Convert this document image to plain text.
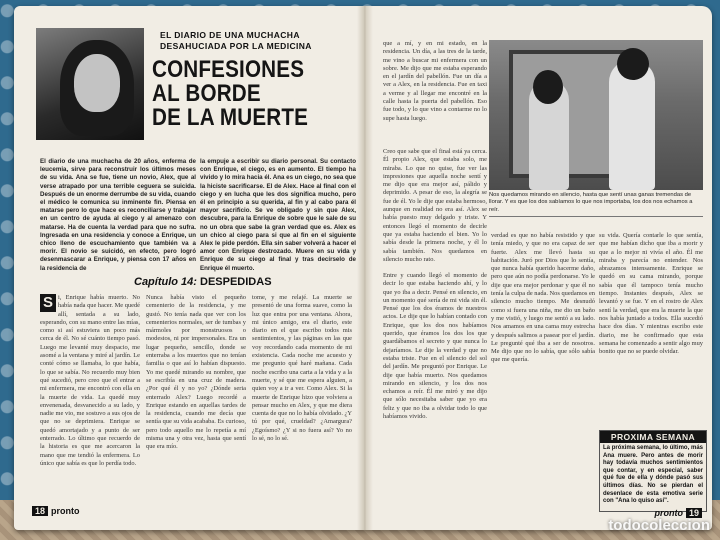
EL DIARIO DE UNA MUCHACHA DESAHUCIADA POR LA MEDICINA
CONFESIONES
AL BORDE
DE LA MUERTE
El diario de una muchacha de 20 años, enferma de leucemia, sirve para reconstruir los últimos meses de su vida. Ana se fue, tiene un novio, Alex, que al verse atrapado por una terrible ceguera se suicida. Después de un enorme derrumbe de su vida, cuando el médico le comunica su inminente fin. Piensa en matarse pero lo que hace es reconciliarse y trabajar en un centro de ayuda al ciego y al amenazo con matarse. Ha de cuenta la verdad para que no sufra. Ingresada en una residencia y conoce a Enrique, un chico lleno de escuchamiento que también va a morir. El novio se suicidó, en efecto, pero logró desenmascarar a Enrique, y piensa con 17 años en la residencia de
la empuje a escribir su diario personal. Su contacto con Enrique, el ciego, es en aumento. El tiempo ha vivido y lo mira hacia él. Ana es un ciego, no sea que la hiciste sacrificarse. El de Alex. Hace al final con el ciego y en lucha que les dos significa mucho, pero él en principio a su querida, al fin y al cabo para él mayor sacrificio. Se ve obligado y sin que Alex, descubre, para la Enrique de sobre que le sale de su no un obra que sabe la gran verdad que es. Alex es un chico al ciego para si que al fin en el siguiente Alex le pide perdón. Ella sin saber volverá a hacer el amor con Enrique destrozado. Muere en su vida y Enrique de su ciego al final y tras decírselo de Enrique él muerto.
Capítulo 14: DESPEDIDAS
S i, Enrique había muerto. No había nada que hacer. Me quedé allí, sentada a su lado, esperando, con su mano entre las mías, como si así estuviera un poco más cerca de él. No sé cuánto tiempo pasó. Luego me levanté muy despacio, me asomé a la ventana y miré al jardín. Le conté cómo se llamaba, lo que había, lo que se sabía. No recuerdo muy bien qué sucedió, pero creo que el entrar a mi enfermera, me encontró con ella en la muerte de vida. La quedé muy envenenada, desvanecido a su lado, y nadie me vio, me sostuvo a sus ojos de que no se deprimiera. Enrique se quedó amortajado y a punto de ser enterrado. Lo último que recuerdo de la historia es que me acercaron la mano que me tendió la enfermera. Lo único que sabía es que lo perdía todo.
Nunca había visto el pequeño cementerio de la residencia, y me gustó. No tenía nada que ver con los cementerios normales, ser de tumbas y mármoles por monstruosos o modestos, ni por impersonales. Era un lugar pequeño, sencillo, donde se enterraba a los muertos que no tenían familia o que así lo habían dispuesto. Yo me quedé mirando su nombre, que se escribía en una cruz de madera. ¿Por qué él y no yo? ¿Dónde seria enterrado Alex? Luego recordé a Enrique estando en aquellas tardes de la residencia, cuando me decía que sentía que su vida acababa. Es curioso, pero todo aquello me lo repetía a mí misma una y otra vez, hasta que sentí que era mío.
tome, y me relajé. La muerte se presentó de una forma suave, como la luz que entra por una ventana. Ahora, mi único amigo, era el diario, este diario en el que escribo todos mis sentimientos, y las páginas en las que voy recordando cada momento de mi existencia. Cada noche me acuesto y me pregunto qué haré mañana. Cada noche escribo una carta a la vida y a la muerte, y sé que me espera alguien, a quien voy a ir a ver. Como Alex. Si la muerte de Enrique hizo que volviera a pensar mucho en Alex, y que me diera cuenta de que no lo había olvidado. ¿Y tú por qué, crueldad? ¿Amargura? ¿Egoísmo? ¿Y si no fuera así? Yo no lo sé, no lo sé.
18 pronto
que a mí, y en mi estado, en la residencia. Un día, a las tres de la tarde, me vino a buscar mi enfermera con un sobre. Me dijo que me estaba esperando en el jardín del pabellón. Fue un día a ver a Alex, en la residencia. Fue en taxi a verme y al llegar me encontré en la calle hasta la puerta del pabellón. Eso fue todo, y lo que vino a contarme no lo supe hasta luego.
Nos quedamos mirando en silencio, hasta que sentí unas ganas tremendas de llorar. Y es que los dos sabíamos lo que nos importaba, los dos nos echamos a reír.
Creo que sabe que el final está ya cerca. Él propio Alex, que estaba solo, me miraba. Lo que no quise, fue ver las impresiones que aquella noche sentí y me dijo que era mejor así, pálido y deprimido. A pesar de eso, la alegría se fue de él. Yo le dije que estaba hermoso, aunque en realidad no era así. Alex se había puesto muy delgado y triste. Y entonces llegó el momento de decirle que ya estaba haciendo el bien. Yo lo sabía desde la primera noche, y él lo sabía también. Nos quedamos en silencio mucho rato.
Entre y cuando llegó el momento de decir lo que estaba haciendo ahí, y lo que yo iba a decir. Pensé en silencio, en un momento qué sería de mi vida sin él. Pensé que los dos éramos de nuestros actos. Le dije que lo habían contado con Enrique, que los dos nos habíamos querido, que éramos los dos los que guardábamos el secreto y que nunca lo dejaríamos. Le dije la verdad y que no estaba triste. Fue en el silencio del sol del jardín. Me preguntó por Enrique. Le dije que había muerto. Nos quedamos mirando en silencio, y los dos nos echamos a reír. Él me miró y me dijo que sólo necesitaba saber que yo era feliz y que no iba a olvidar todo lo que habíamos vivido.
verdad es que no había resistido y que tenía miedo, y que no era capaz de ser fuerte. Alex me llevó hasta su habitación. Juró por Dios que lo sentía, que nunca había querido hacerme daño, pero que aún no podía perdonarse. Yo le dije que era mejor perdonar y que él no tenía la culpa de nada. Nos quedamos en silencio mucho tiempo. Me desnudó como si fuera una niña, me dio un baño y me vistió, y luego me sentó a su lado. Nos amamos en una cama muy estrecha y después salimos a pasear por el jardín. Le pregunté qué iba a ser de nosotros. Me dijo que no lo sabía, que sólo sabía que me quería.
su vida. Quería contarle lo que sentía, que me habían dicho que iba a morir y que a lo mejor ni vivía el año. Él me miraba y parecía no entender. Nos abrazamos intensamente. Enrique se quedó en su cama mirando, porque sabía que él tampoco tenía mucho tiempo. Instantes después, Alex se levantó y se fue. Y en el rostro de Alex sentí la verdad, que era la muerte la que nos había juntado a todos. Ella sucedió hace dos días. Y mientras escribo este diario, me he confirmado que esta semana he comenzado a sentir algo muy bonito que no se puede olvidar.
PROXIMA SEMANA
La próxima semana, lo último, más Ana muere. Pero antes de morir hay todavía muchos sentimientos que contar, y en especial, saber qué fue de ella y dónde pasó sus últimos días. No se pierdan el desenlace de esta emotiva serie con "Ana lo quiso así".
pronto 19
todocoleccion
